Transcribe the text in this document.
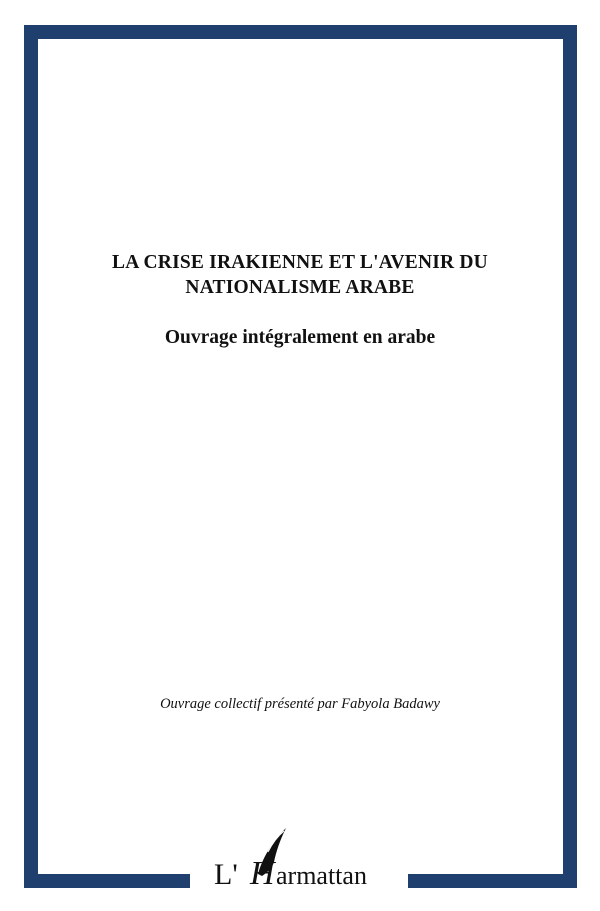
LA CRISE IRAKIENNE ET L'AVENIR DU
NATIONALISME ARABE
Ouvrage intégralement en arabe
Ouvrage collectif présenté par Fabyola Badawy
L' H armattan
